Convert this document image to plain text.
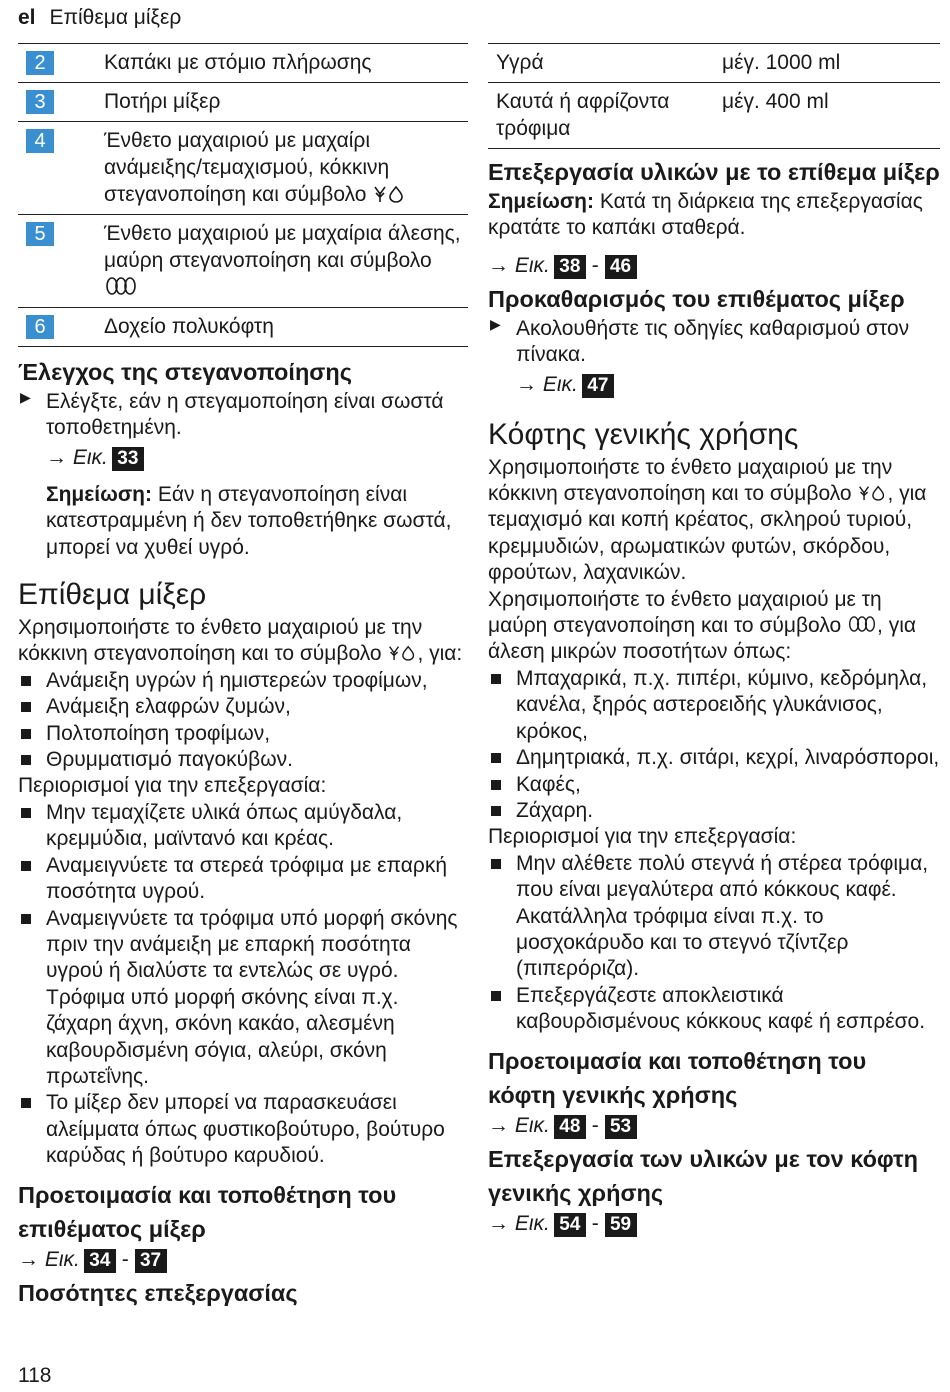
el Επίθεμα μίξερ
2	Καπάκι με στόμιο πλήρωσης
3	Ποτήρι μίξερ
4	Ένθετο μαχαιριού με μαχαίρι ανάμειξης/τεμαχισμού, κόκκινη στεγανοποίηση και σύμβολο
5	Ένθετο μαχαιριού με μαχαίρια άλεσης, μαύρη στεγανοποίηση και σύμβολο
6	Δοχείο πολυκόφτη
Έλεγχος της στεγανοποίησης
▶ Ελέγξτε, εάν η στεγαμοποίηση είναι σωστά τοποθετημένη.

→ Εικ. 33

Σημείωση: Εάν η στεγανοποίηση είναι κατεστραμμένη ή δεν τοποθετήθηκε σωστά, μπορεί να χυθεί υγρό.

Επίθεμα μίξερ

Χρησιμοποιήστε το ένθετο μαχαιριού με την κόκκινη στεγανοποίηση και το σύμβολο , για:

Ανάμειξη υγρών ή ημιστερεών τροφίμων,
Ανάμειξη ελαφρών ζυμών,
Πολτοποίηση τροφίμων,
Θρυμματισμό παγοκύβων.

Περιορισμοί για την επεξεργασία:

Μην τεμαχίζετε υλικά όπως αμύγδαλα, κρεμμύδια, μαϊντανό και κρέας.
Αναμειγνύετε τα στερεά τρόφιμα με επαρκή ποσότητα υγρού.
Αναμειγνύετε τα τρόφιμα υπό μορφή σκόνης πριν την ανάμειξη με επαρκή ποσότητα υγρού ή διαλύστε τα εντελώς σε υγρό. Τρόφιμα υπό μορφή σκόνης είναι π.χ. ζάχαρη άχνη, σκόνη κακάο, αλεσμένη καβουρδισμένη σόγια, αλεύρι, σκόνη πρωτεΐνης.
Το μίξερ δεν μπορεί να παρασκευάσει αλείμματα όπως φυστικοβούτυρο, βούτυρο καρύδας ή βούτυρο καρυδιού.
Προετοιμασία και τοποθέτηση του επιθέματος μίξερ
→ Εικ. 34 - 37
Ποσότητες επεξεργασίας
Υγρά	μέγ. 1000 ml
Καυτά ή αφρίζοντα τρόφιμα	μέγ. 400 ml
Επεξεργασία υλικών με το επίθεμα μίξερ

Σημείωση: Κατά τη διάρκεια της επεξεργασίας κρατάτε το καπάκι σταθερά.

→ Εικ. 38 - 46
Προκαθαρισμός του επιθέματος μίξερ
▶ Ακολουθήστε τις οδηγίες καθαρισμού στον πίνακα.

→ Εικ. 47
Κόφτης γενικής χρήσης

Χρησιμοποιήστε το ένθετο μαχαιριού με την κόκκινη στεγανοποίηση και το σύμβολο , για τεμαχισμό και κοπή κρέατος, σκληρού τυριού, κρεμμυδιών, αρωματικών φυτών, σκόρδου, φρούτων, λαχανικών.

Χρησιμοποιήστε το ένθετο μαχαιριού με τη μαύρη στεγανοποίηση και το σύμβολο , για άλεση μικρών ποσοτήτων όπως:

Μπαχαρικά, π.χ. πιπέρι, κύμινο, κεδρόμηλα, κανέλα, ξηρός αστεροειδής γλυκάνισος, κρόκος,
Δημητριακά, π.χ. σιτάρι, κεχρί, λιναρόσποροι,
Καφές,
Ζάχαρη.

Περιορισμοί για την επεξεργασία:

Μην αλέθετε πολύ στεγνά ή στέρεα τρόφιμα, που είναι μεγαλύτερα από κόκκους καφέ. Ακατάλληλα τρόφιμα είναι π.χ. το μοσχοκάρυδο και το στεγνό τζίντζερ (πιπερόριζα).
Επεξεργάζεστε αποκλειστικά καβουρδισμένους κόκκους καφέ ή εσπρέσο.
Προετοιμασία και τοποθέτηση του κόφτη γενικής χρήσης
→ Εικ. 48 - 53
Επεξεργασία των υλικών με τον κόφτη γενικής χρήσης
→ Εικ. 54 - 59
118
